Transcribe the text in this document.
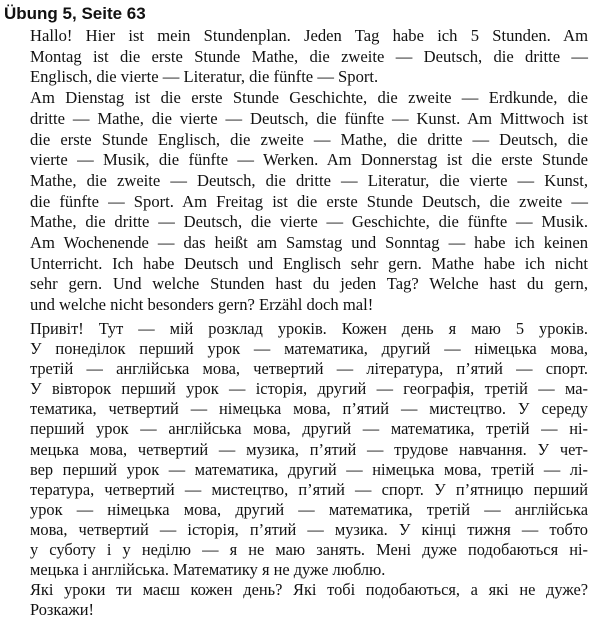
Übung 5, Seite 63
Hallo! Hier ist mein Stundenplan. Jeden Tag habe ich 5 Stunden. Am
Montag ist die erste Stunde Mathe, die zweite — Deutsch, die dritte —
Englisch, die vierte — Literatur, die fünfte — Sport.
Am Dienstag ist die erste Stunde Geschichte, die zweite — Erdkunde, die
dritte — Mathe, die vierte — Deutsch, die fünfte — Kunst. Am Mittwoch ist
die erste Stunde Englisch, die zweite — Mathe, die dritte — Deutsch, die
vierte — Musik, die fünfte — Werken. Am Donnerstag ist die erste Stunde
Mathe, die zweite — Deutsch, die dritte — Literatur, die vierte — Kunst,
die fünfte — Sport. Am Freitag ist die erste Stunde Deutsch, die zweite —
Mathe, die dritte — Deutsch, die vierte — Geschichte, die fünfte — Musik.
Am Wochenende — das heißt am Samstag und Sonntag — habe ich keinen
Unterricht. Ich habe Deutsch und Englisch sehr gern. Mathe habe ich nicht
sehr gern. Und welche Stunden hast du jeden Tag? Welche hast du gern,
und welche nicht besonders gern? Erzähl doch mal!
Привіт! Тут — мій розклад уроків. Кожен день я маю 5 уроків.
У понеділок перший урок — математика, другий — німецька мова,
третій — англійська мова, четвертий — література, п’ятий — спорт.
У вівторок перший урок — історія, другий — географія, третій — ма-
тематика, четвертий — німецька мова, п’ятий — мистецтво. У середу
перший урок — англійська мова, другий — математика, третій — ні-
мецька мова, четвертий — музика, п’ятий — трудове навчання. У чет-
вер перший урок — математика, другий — німецька мова, третій — лі-
тература, четвертий — мистецтво, п’ятий — спорт. У п’ятницю перший
урок — німецька мова, другий — математика, третій — англійська
мова, четвертий — історія, п’ятий — музика. У кінці тижня — тобто
у суботу і у неділю — я не маю занять. Мені дуже подобаються ні-
мецька і англійська. Математику я не дуже люблю.
Які уроки ти маєш кожен день? Які тобі подобаються, а які не дуже?
Розкажи!
